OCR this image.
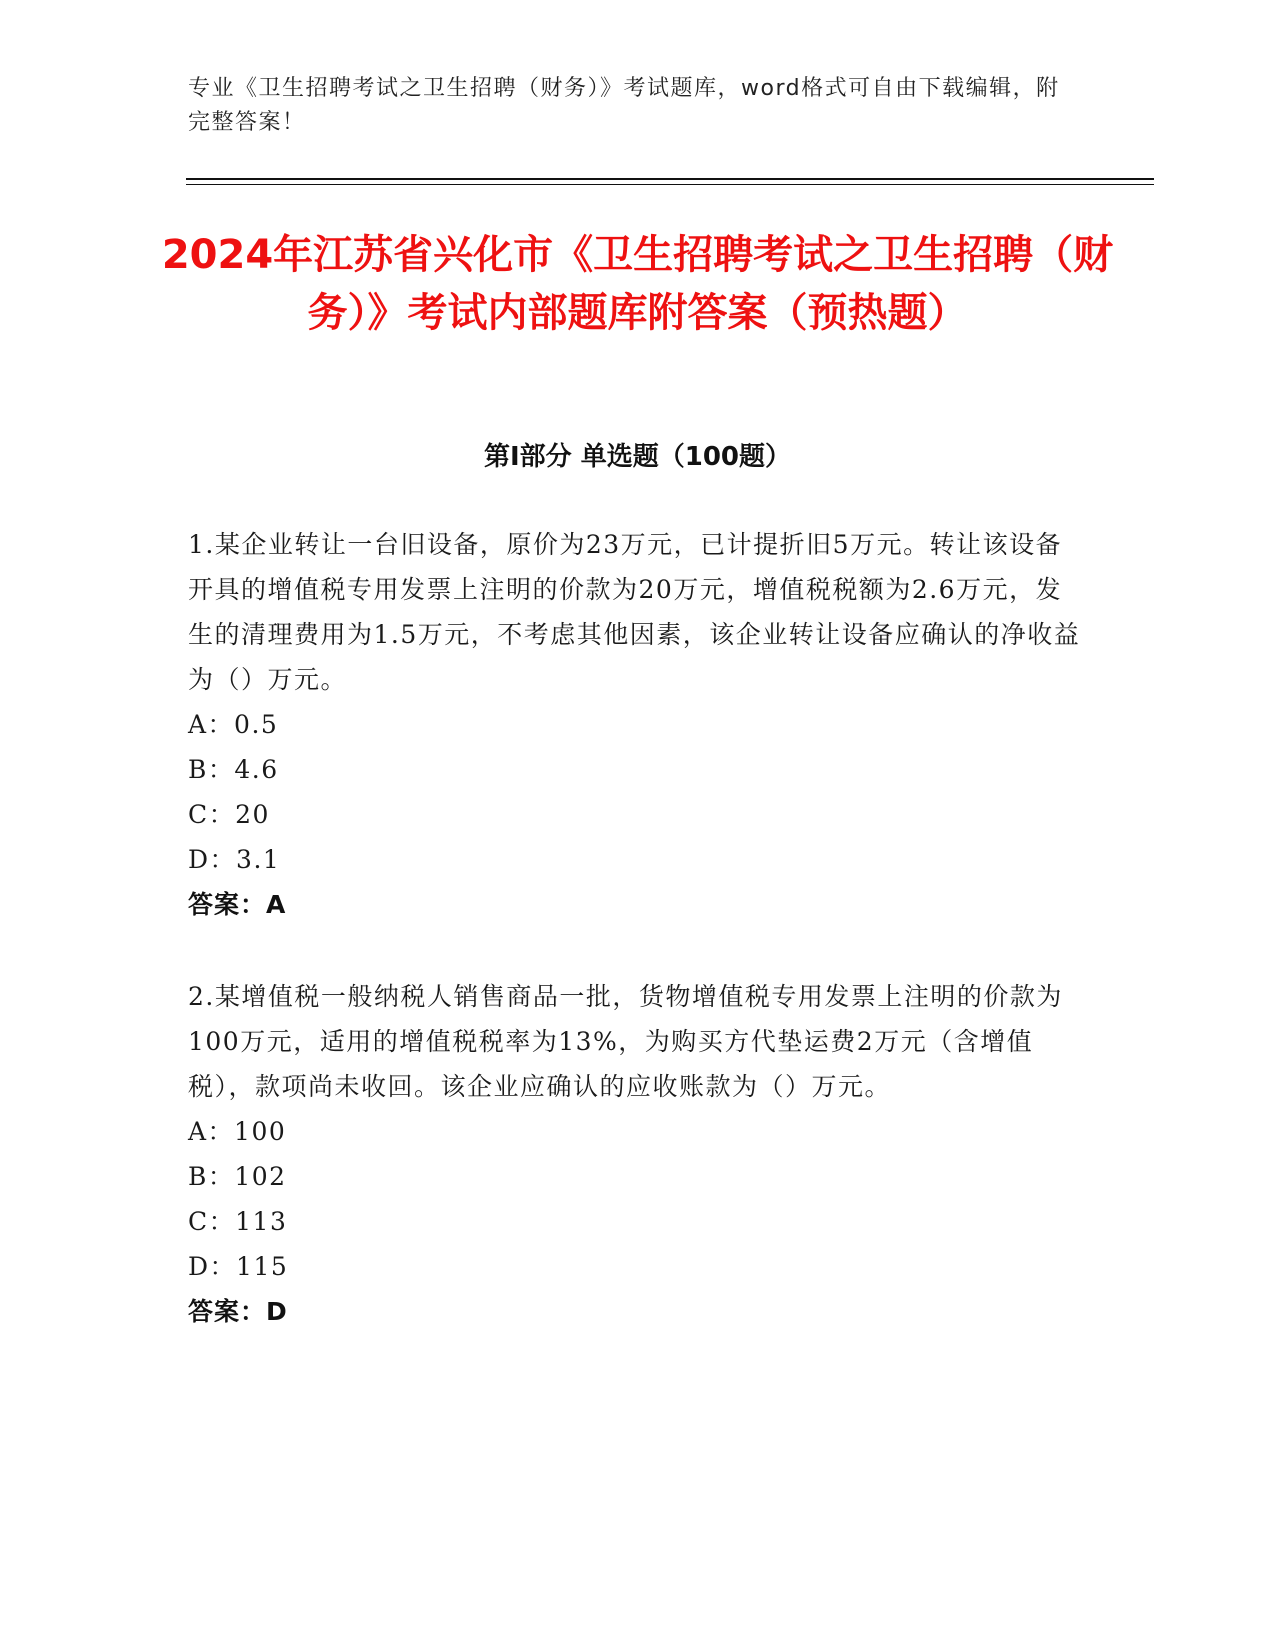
专业《卫生招聘考试之卫生招聘（财务）》考试题库，word格式可自由下载编辑，附完整答案！
2024年江苏省兴化市《卫生招聘考试之卫生招聘（财务）》考试内部题库附答案（预热题）
第I部分 单选题（100题）

1.某企业转让一台旧设备，原价为23万元，已计提折旧5万元。转让该设备开具的增值税专用发票上注明的价款为20万元，增值税税额为2.6万元，发生的清理费用为1.5万元，不考虑其他因素，该企业转让设备应确认的净收益为（）万元。

A：0.5
B：4.6
C：20
D：3.1
答案：A

2.某增值税一般纳税人销售商品一批，货物增值税专用发票上注明的价款为100万元，适用的增值税税率为13%，为购买方代垫运费2万元（含增值税），款项尚未收回。该企业应确认的应收账款为（）万元。

A：100
B：102
C：113
D：115
答案：D
